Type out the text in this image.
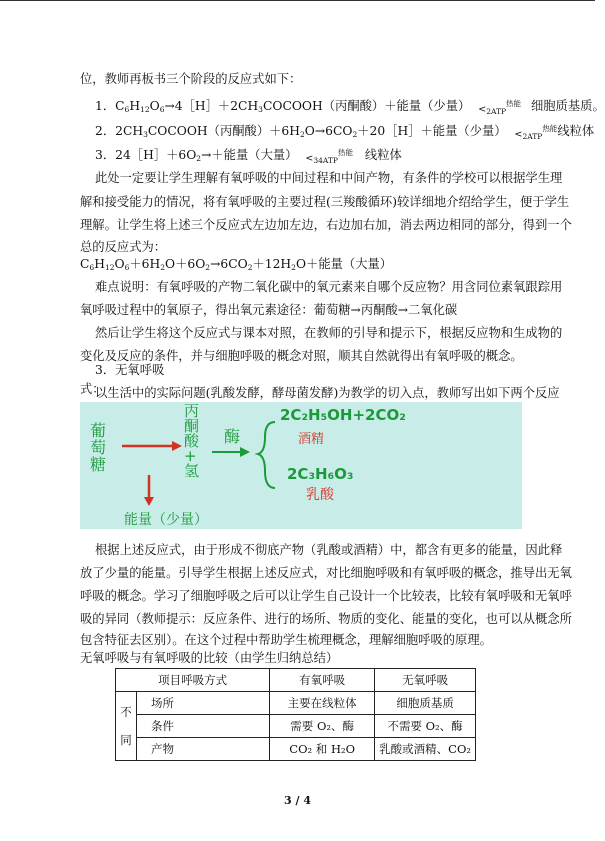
位，教师再板书三个阶段的反应式如下：
1．$C_6H_{12}O_6\to 4[H]+2CH_3COCOOH$（丙酮酸）＋能量（少量） $<_{2ATP}^{热能}$ 细胞质基质。
2．$2CH_3COCOOH$（丙酮酸）$+6H_2O\to 6CO_2+20[H]+$能量（少量） $<_{2ATP}^{热能}$线粒体
3．$24[H]+6O_2\to+$能量（大量） $<_{34ATP}^{热能}$ 线粒体
此处一定要让学生理解有氧呼吸的中间过程和中间产物，有条件的学校可以根据学生理
解和接受能力的情况，将有氧呼吸的主要过程(三羧酸循环)较详细地介绍给学生，便于学生
理解。让学生将上述三个反应式左边加左边，右边加右加，消去两边相同的部分，得到一个
总的反应式为：
$C_6H_{12}O_6+6H_2O+6O_2\to 6CO_2+12H_2O+$能量（大量）
难点说明：有氧呼吸的产物二氧化碳中的氧元素来自哪个反应物？用含同位素氧跟踪用
氧呼吸过程中的氧原子，得出氧元素途径：葡萄糖→丙酮酸→二氧化碳
然后让学生将这个反应式与课本对照，在教师的引导和提示下，根据反应物和生成物的
变化及反应的条件，并与细胞呼吸的概念对照，顺其自然就得出有氧呼吸的概念。
3．无氧呼吸
以生活中的实际问题(乳酸发酵，酵母菌发酵)为教学的切入点，教师写出如下两个反应
式：
葡
萄
糖
丙
酮
酸
+
氢
酶
2C₂H₅OH+2CO₂
酒精
2C₃H₆O₃
乳酸
能量（少量）
根据上述反应式，由于形成不彻底产物（乳酸或酒精）中，都含有更多的能量，因此释
放了少量的能量。引导学生根据上述反应式，对比细胞呼吸和有氧呼吸的概念，推导出无氧
呼吸的概念。学习了细胞呼吸之后可以让学生自己设计一个比较表，比较有氧呼吸和无氧呼
吸的异同（教师提示：反应条件、进行的场所、物质的变化、能量的变化，也可以从概念所
包含特征去区别）。在这个过程中帮助学生梳理概念，理解细胞呼吸的原理。
无氧呼吸与有氧呼吸的比较（由学生归纳总结）
项目呼吸方式		有氧呼吸	无氧呼吸

不
同	场所	主要在线粒体	细胞质基质
	条件	需要 O₂、酶	不需要 O₂、酶
	产物	CO₂ 和 H₂O	乳酸或酒精、CO₂
3 / 4
